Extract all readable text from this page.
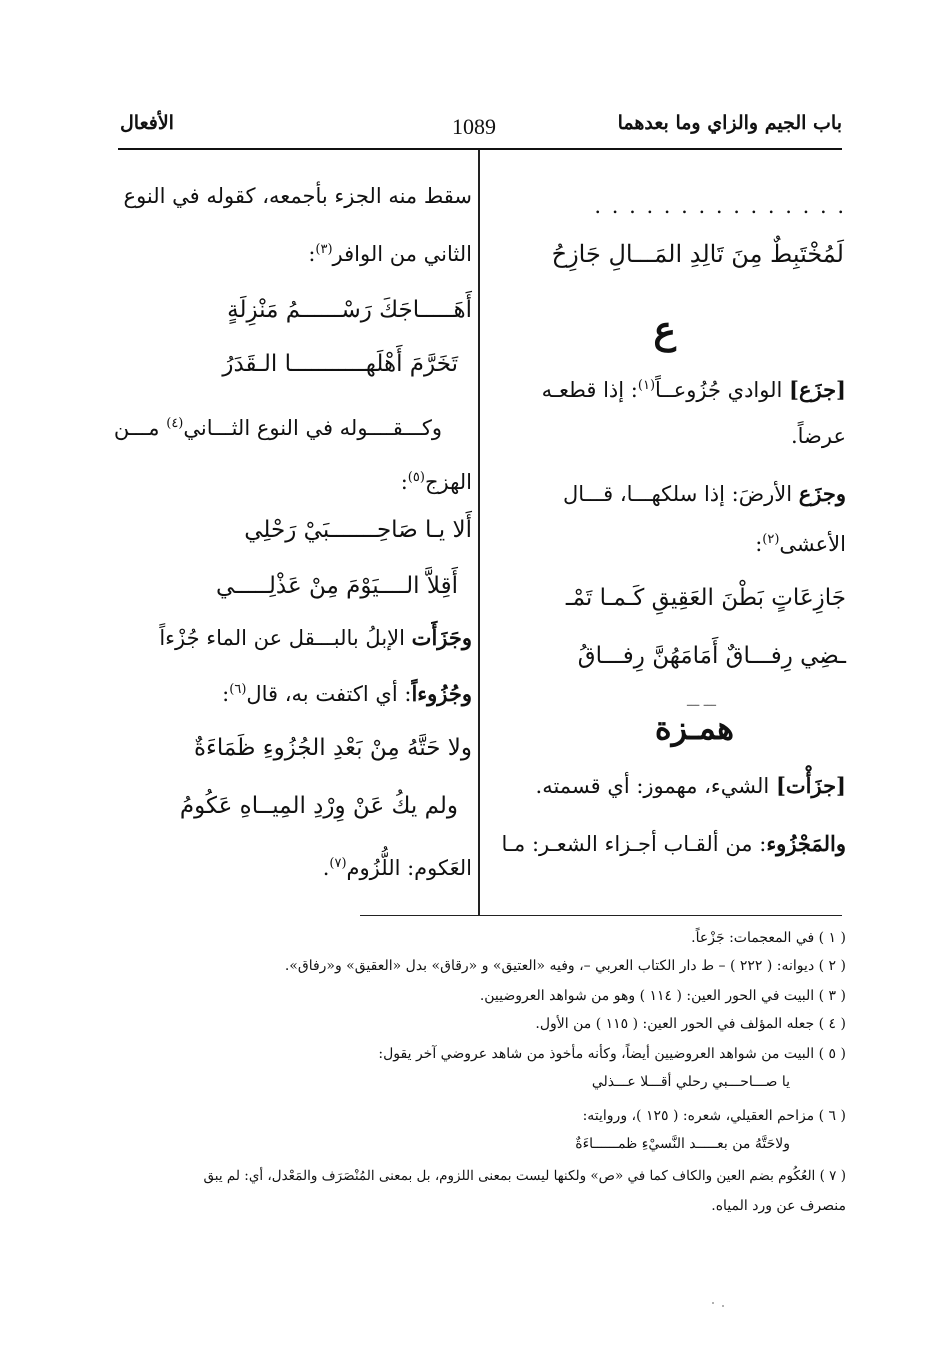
باب الجيم والزاي وما بعدهما
1089
الأفعال
. . . . . . . . . . . . . . .
لَمُخْتَبِطٌ مِنَ تَالِدِ المَـــالِ جَازِحُ
ع
[جزَع] الوادي جُزُوعــاً$^{(١)}$: إذا قطعـه
عرضاً.
وجزَع الأرضَ: إذا سلكهـــا، قـــال
الأعشى$^{(٢)}$:
جَازِعَاتٍ بَطْنَ العَقِيقِ كَـمـا تَمْـ
ـضِي رِفـــاقٌ أَمَامَهُنَّ رِفـــاقُ
ـــ ـــ
همـزة
[جزَأْت] الشيء، مهموز: أي قسمته.
والمَجْزُوء: من ألقـاب أجـزاء الشعـر: مـا
سقط منه الجزء بأجمعه، كقوله في النوع
الثاني من الوافر$^{(٣)}$:
أَهَـــــاجَكَ رَسْــــــمُ مَنْزِلَةٍ
تَخَرَّمَ أَهْلَهـــــــــــا الـقَدَرُ
وكـــقــــوله في النوع الثـــاني$^{(٤)}$ مـــن
الهزج$^{(٥)}$:
أَلا يـا صَاحِـــــــبَيْ رَحْلِي
أَقِلاَّ الــــيَوْمَ مِنْ عَذْلِـــــي
وجَزَأَت الإبلُ بالبـــقل عن الماء جُزْءاً
وجُزُوءاً: أي اكتفت به، قال$^{(٦)}$:
ولا حَتَّهُ مِنْ بَعْدِ الجُزُوءِ ظَمَاءَةٌ
ولم يكُ عَنْ وِرْدِ المِيــاهِ عَكُومُ
العَكوم: اللُّزُوم$^{(٧)}$.
( ١ ) في المعجمات: جَزْعاً.
( ٢ ) ديوانه: ( ٢٢٢ ) – ط دار الكتاب العربي –، وفيه «العتيق» و «رقاق» بدل «العقيق» و«رفاق».
( ٣ ) البيت في الحور العين: ( ١١٤ ) وهو من شواهد العروضيين.
( ٤ ) جعله المؤلف في الحور العين: ( ١١٥ ) من الأول.
( ٥ ) البيت من شواهد العروضيين أيضاً، وكأنه مأخوذ من شاهد عروضي آخر يقول:
يا صـــاحـــبي رحلي أقـــلا عـــذلي
( ٦ ) مزاحم العقيلي، شعره: ( ١٢٥ )، وروايته:
ولاحَتَّهُ من بعـــــد النَّسيْءِ ظمــــــاءَةٌ
( ٧ ) العُكُوم بضم العين والكاف كما في «ص» ولكنها ليست بمعنى اللزوم، بل بمعنى المُنْصَرَف والمَعْدل، أي: لم يبق
منصرف عن ورد المياه.
